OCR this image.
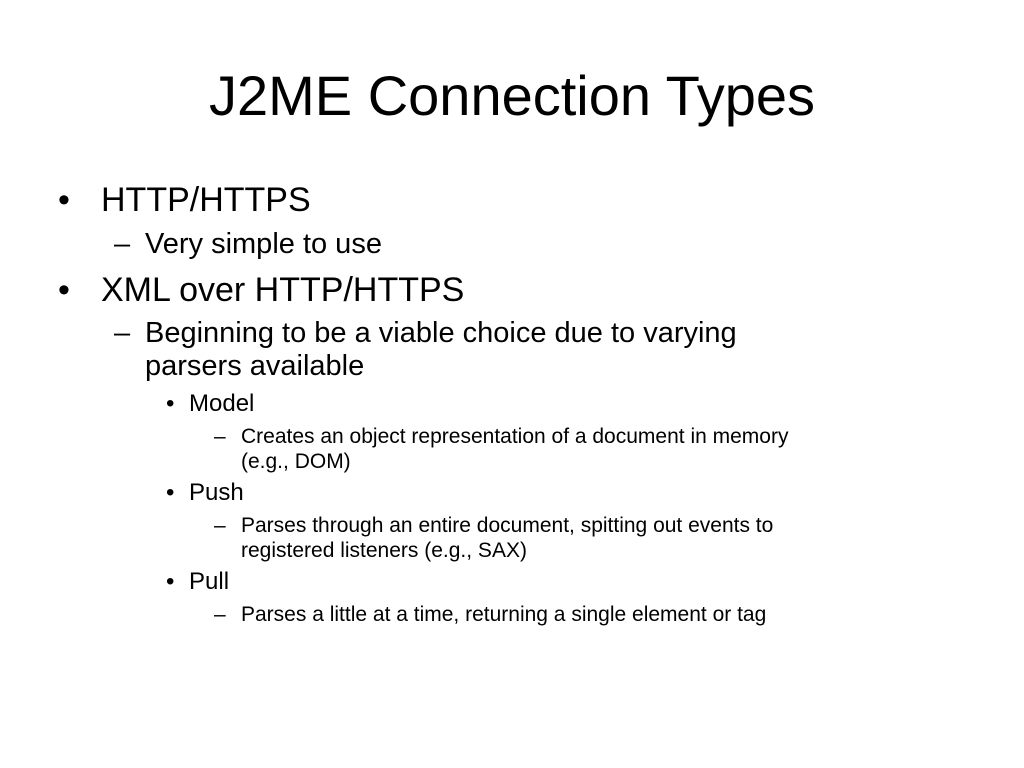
J2ME Connection Types
• HTTP/HTTPS
– Very simple to use
• XML over HTTP/HTTPS
– Beginning to be a viable choice due to varying
parsers available
• Model
– Creates an object representation of a document in memory
(e.g., DOM)
• Push
– Parses through an entire document, spitting out events to
registered listeners (e.g., SAX)
• Pull
– Parses a little at a time, returning a single element or tag
